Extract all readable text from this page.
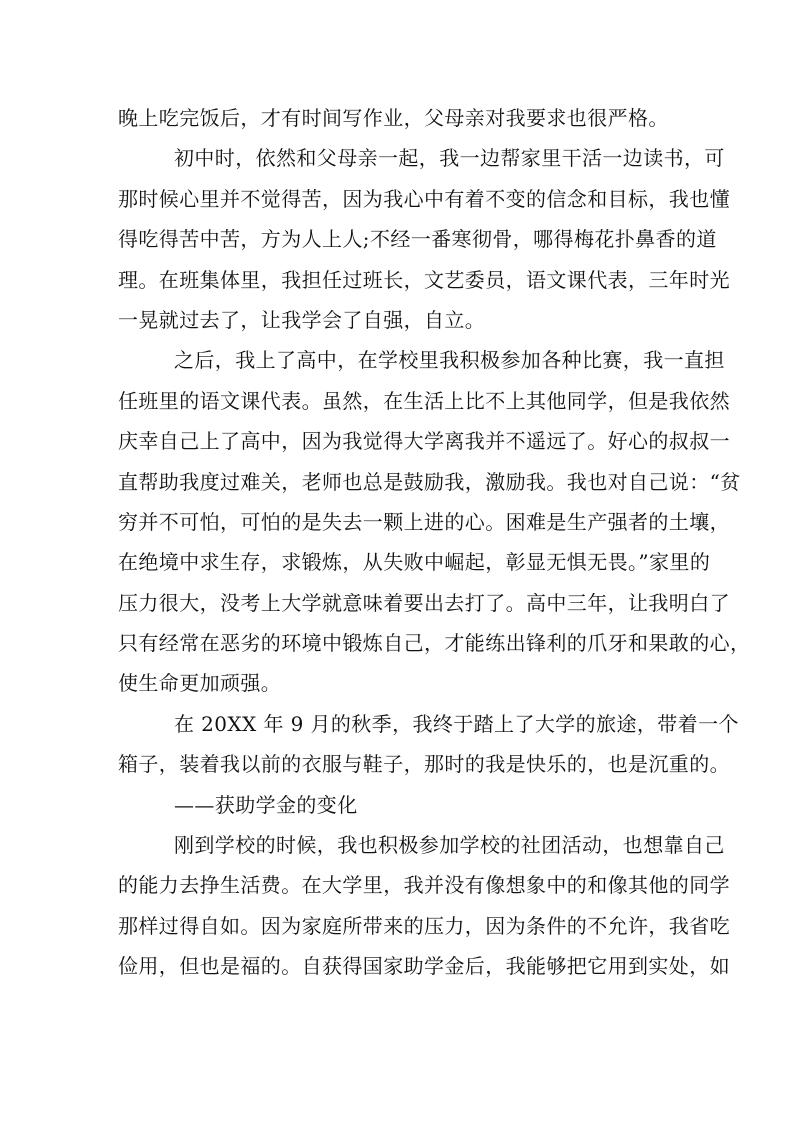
晚上吃完饭后，才有时间写作业，父母亲对我要求也很严格。

初中时，依然和父母亲一起，我一边帮家里干活一边读书，可
那时候心里并不觉得苦，因为我心中有着不变的信念和目标，我也懂
得吃得苦中苦，方为人上人;不经一番寒彻骨，哪得梅花扑鼻香的道
理。在班集体里，我担任过班长，文艺委员，语文课代表，三年时光
一晃就过去了，让我学会了自强，自立。

之后，我上了高中，在学校里我积极参加各种比赛，我一直担
任班里的语文课代表。虽然，在生活上比不上其他同学，但是我依然
庆幸自己上了高中，因为我觉得大学离我并不遥远了。好心的叔叔一
直帮助我度过难关，老师也总是鼓励我，激励我。我也对自己说：“贫
穷并不可怕，可怕的是失去一颗上进的心。困难是生产强者的土壤，
在绝境中求生存，求锻炼，从失败中崛起，彰显无惧无畏。”家里的
压力很大，没考上大学就意味着要出去打了。高中三年，让我明白了
只有经常在恶劣的环境中锻炼自己，才能练出锋利的爪牙和果敢的心，
使生命更加顽强。

在 20XX 年 9 月的秋季，我终于踏上了大学的旅途，带着一个
箱子，装着我以前的衣服与鞋子，那时的我是快乐的，也是沉重的。

——获助学金的变化

刚到学校的时候，我也积极参加学校的社团活动，也想靠自己
的能力去挣生活费。在大学里，我并没有像想象中的和像其他的同学
那样过得自如。因为家庭所带来的压力，因为条件的不允许，我省吃
俭用，但也是福的。自获得国家助学金后，我能够把它用到实处，如
